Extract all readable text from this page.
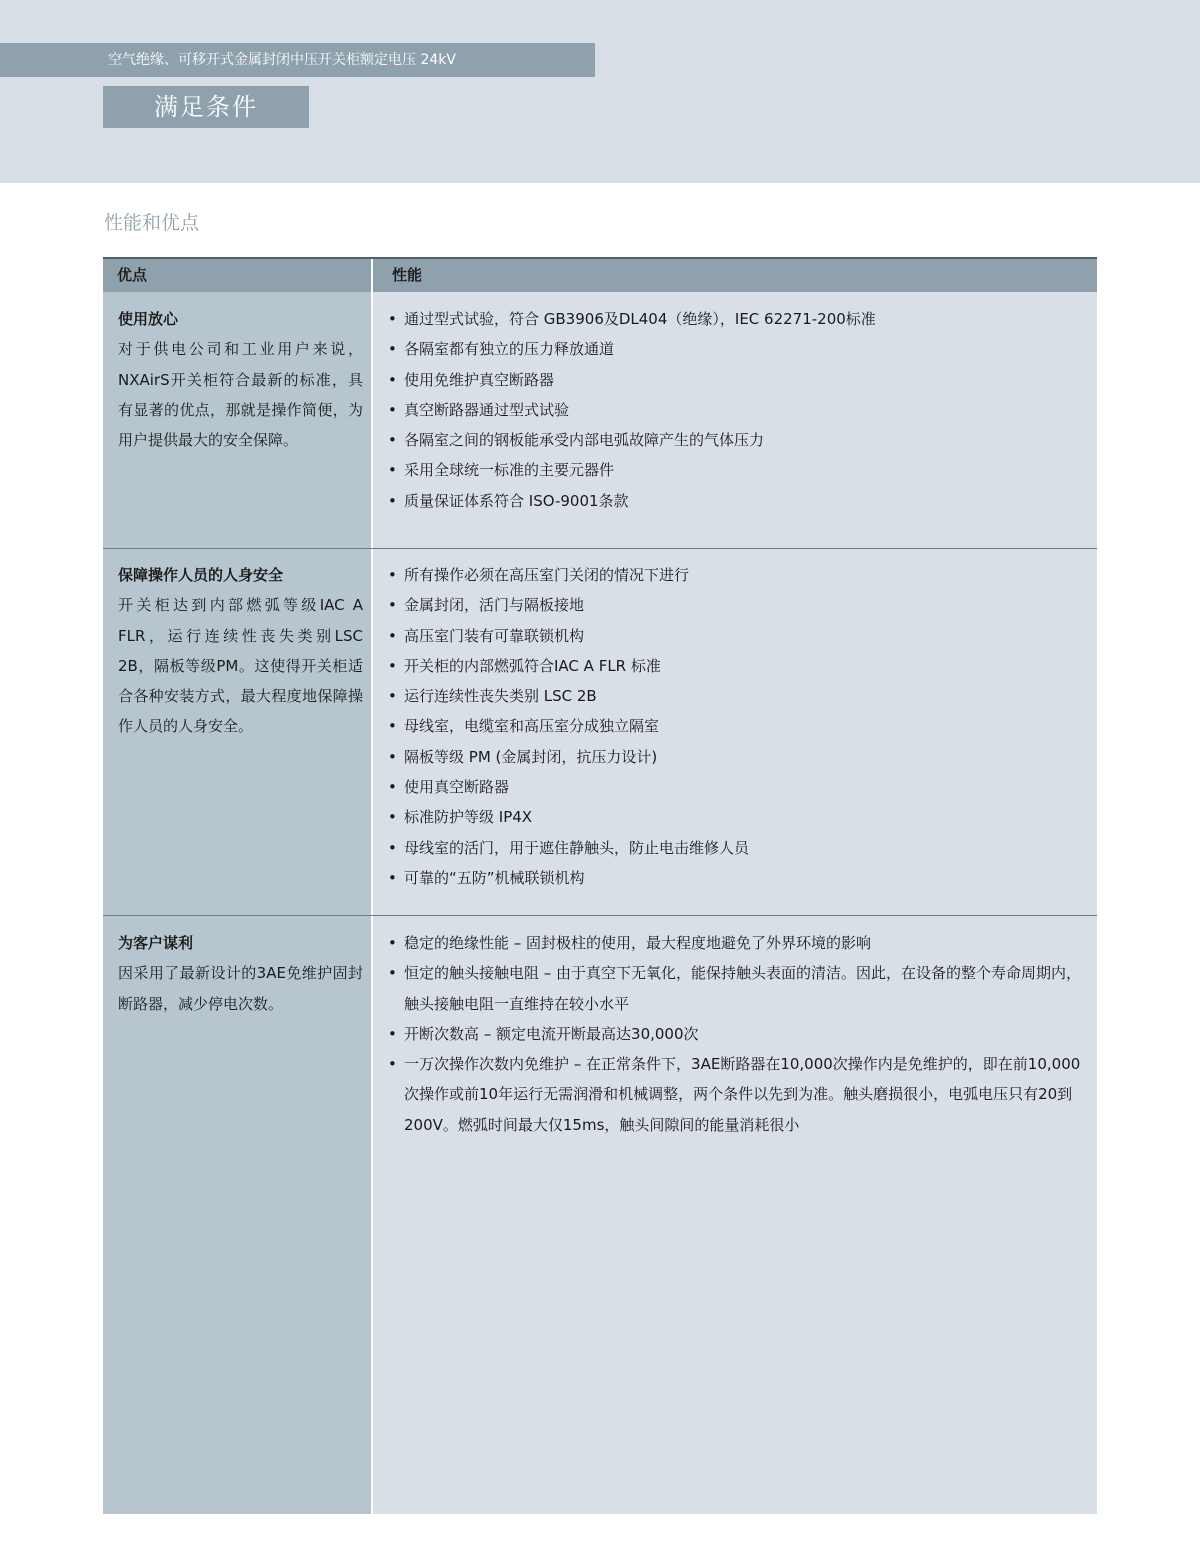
空气绝缘、可移开式金属封闭中压开关柜额定电压 24kV
满足条件
性能和优点
优点	性能
使用放心
对于供电公司和工业用户来说，NXAirS开关柜符合最新的标准，具有显著的优点，那就是操作简便，为用户提供最大的安全保障。
• 通过型式试验，符合 GB3906及DL404（绝缘），IEC 62271-200标准
• 各隔室都有独立的压力释放通道
• 使用免维护真空断路器
• 真空断路器通过型式试验
• 各隔室之间的钢板能承受内部电弧故障产生的气体压力
• 采用全球统一标准的主要元器件
• 质量保证体系符合 ISO-9001条款
保障操作人员的人身安全
开关柜达到内部燃弧等级IAC A FLR，运行连续性丧失类别LSC 2B，隔板等级PM。这使得开关柜适合各种安装方式，最大程度地保障操作人员的人身安全。
• 所有操作必须在高压室门关闭的情况下进行
• 金属封闭，活门与隔板接地
• 高压室门装有可靠联锁机构
• 开关柜的内部燃弧符合IAC A FLR 标准
• 运行连续性丧失类别 LSC 2B
• 母线室，电缆室和高压室分成独立隔室
• 隔板等级 PM (金属封闭，抗压力设计)
• 使用真空断路器
• 标准防护等级 IP4X
• 母线室的活门，用于遮住静触头，防止电击维修人员
• 可靠的“五防”机械联锁机构
为客户谋利
因采用了最新设计的3AE免维护固封断路器，减少停电次数。
• 稳定的绝缘性能 – 固封极柱的使用，最大程度地避免了外界环境的影响
• 恒定的触头接触电阻 – 由于真空下无氧化，能保持触头表面的清洁。因此，在设备的整个寿命周期内，触头接触电阻一直维持在较小水平
• 开断次数高 – 额定电流开断最高达30,000次
• 一万次操作次数内免维护 – 在正常条件下，3AE断路器在10,000次操作内是免维护的，即在前10,000次操作或前10年运行无需润滑和机械调整，两个条件以先到为准。触头磨损很小，电弧电压只有20到200V。燃弧时间最大仅15ms，触头间隙间的能量消耗很小
